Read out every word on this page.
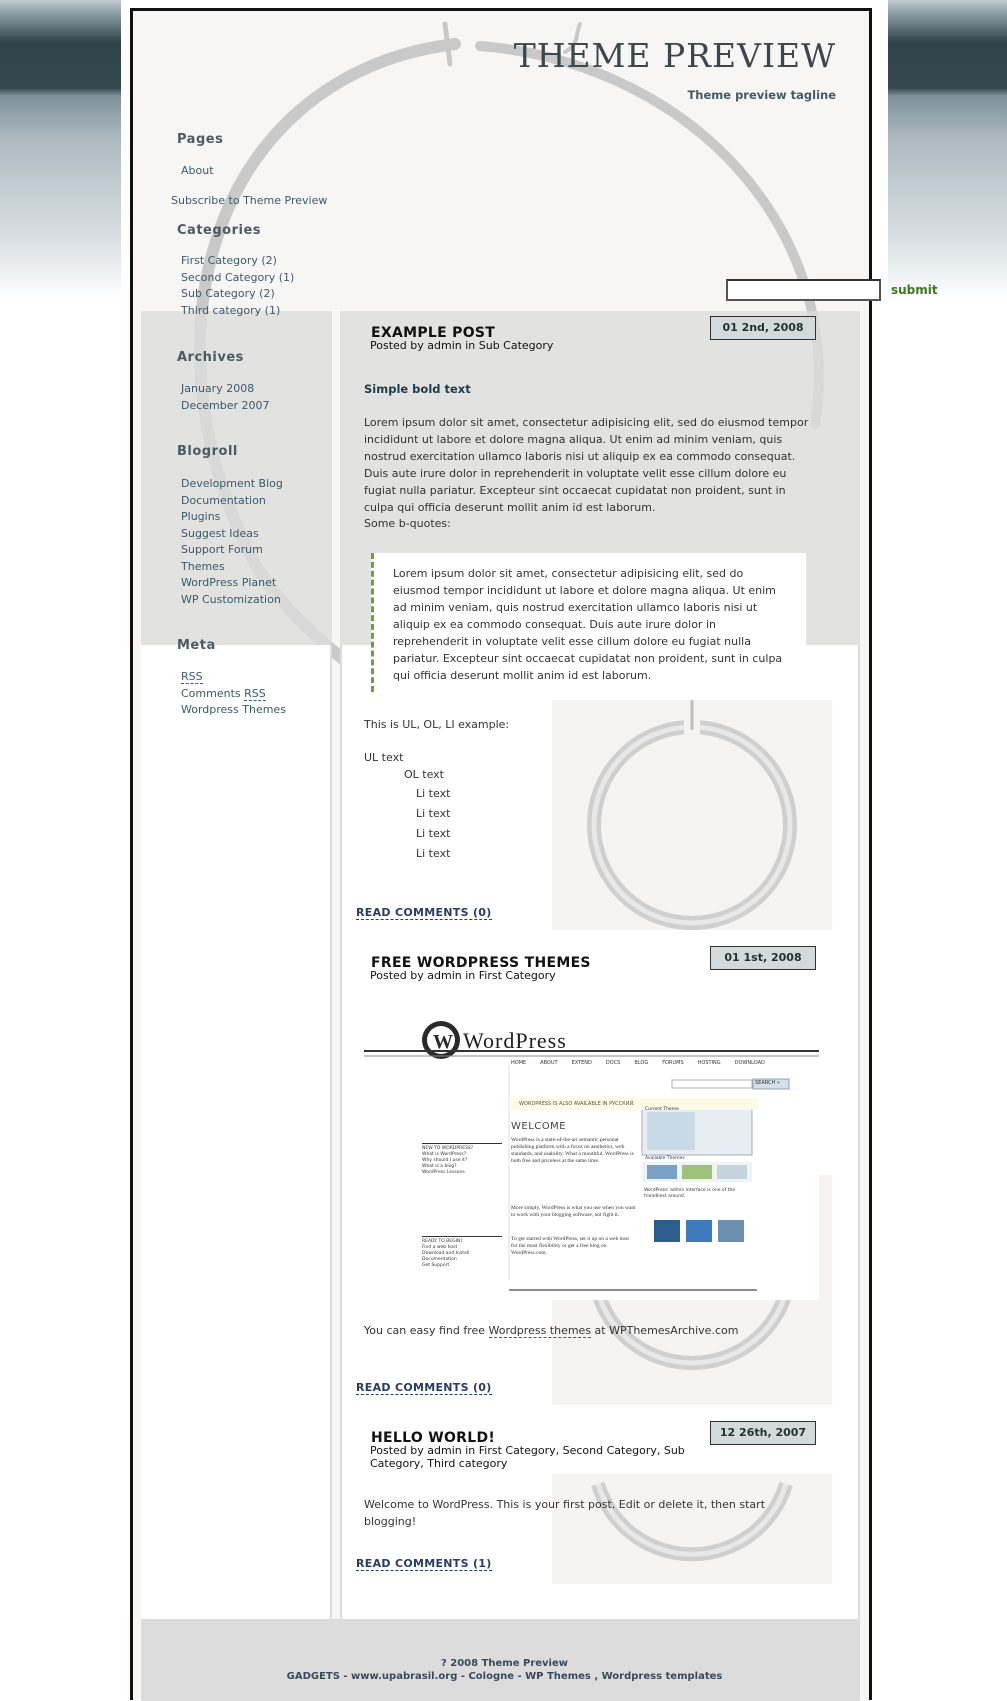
THEME PREVIEW
Theme preview tagline
submit
Pages
About
Subscribe to Theme Preview
Categories
First Category (2)
Second Category (1)
Sub Category (2)
Third category (1)
Archives
January 2008
December 2007
Blogroll
Development Blog
Documentation
Plugins
Suggest Ideas
Support Forum
Themes
WordPress Planet
WP Customization
Meta
RSS
Comments RSS
Wordpress Themes
EXAMPLE POST
Posted by admin in Sub Category
01 2nd, 2008
Simple bold text
Lorem ipsum dolor sit amet, consectetur adipisicing elit, sed do eiusmod tempor incididunt ut labore et dolore magna aliqua. Ut enim ad minim veniam, quis nostrud exercitation ullamco laboris nisi ut aliquip ex ea commodo consequat. Duis aute irure dolor in reprehenderit in voluptate velit esse cillum dolore eu fugiat nulla pariatur. Excepteur sint occaecat cupidatat non proident, sunt in culpa qui officia deserunt mollit anim id est laborum.
Some b-quotes:
Lorem ipsum dolor sit amet, consectetur adipisicing elit, sed do eiusmod tempor incididunt ut labore et dolore magna aliqua. Ut enim ad minim veniam, quis nostrud exercitation ullamco laboris nisi ut aliquip ex ea commodo consequat. Duis aute irure dolor in reprehenderit in voluptate velit esse cillum dolore eu fugiat nulla pariatur. Excepteur sint occaecat cupidatat non proident, sunt in culpa qui officia deserunt mollit anim id est laborum.
This is UL, OL, LI example:
UL text
OL text
Li text
Li text
Li text
Li text
READ COMMENTS (0)
FREE WORDPRESS THEMES
Posted by admin in First Category
01 1st, 2008
W WordPress
HOME	ABOUT	EXTEND	DOCS	BLOG	FORUMS	HOSTING	DOWNLOAD
SEARCH »
WORDPRESS IS ALSO AVAILABLE IN РУССКИЙ.
WELCOME
WordPress is a state-of-the-art semantic personal publishing platform with a focus on aesthetics, web standards, and usability. What a mouthful. WordPress is both free and priceless at the same time.
More simply, WordPress is what you use when you want to work with your blogging software, not fight it.
To get started with WordPress, set it up on a web host for the most flexibility or get a free blog on WordPress.com.
NEW TO WORDPRESS?
What is WordPress?
Why should I use it?
What is a blog?
WordPress Lessons
READY TO BEGIN?
Find a web host
Download and Install
Documentation
Get Support
Current Theme
Available Themes
WordPress' admin interface is one of the friendliest around.
You can easy find free Wordpress themes at WPThemesArchive.com
READ COMMENTS (0)
HELLO WORLD!
Posted by admin in First Category, Second Category, Sub Category, Third category
12 26th, 2007
Welcome to WordPress. This is your first post. Edit or delete it, then start blogging!
READ COMMENTS (1)
? 2008 Theme Preview
GADGETS - www.upabrasil.org - Cologne - WP Themes , Wordpress templates
